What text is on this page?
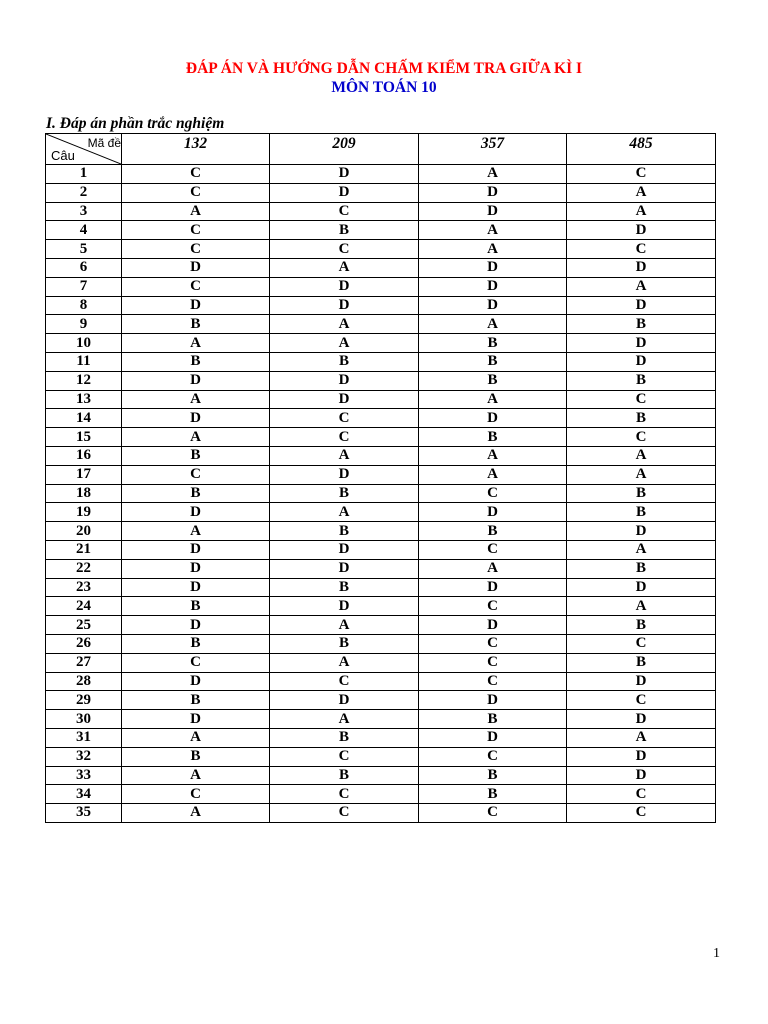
ĐÁP ÁN VÀ HƯỚNG DẪN CHẤM KIỂM TRA GIỮA KÌ I
MÔN TOÁN 10
I. Đáp án phần trắc nghiệm
Mã đề
Câu	132	209	357	485
1	C	D	A	C
2	C	D	D	A
3	A	C	D	A
4	C	B	A	D
5	C	C	A	C
6	D	A	D	D
7	C	D	D	A
8	D	D	D	D
9	B	A	A	B
10	A	A	B	D
11	B	B	B	D
12	D	D	B	B
13	A	D	A	C
14	D	C	D	B
15	A	C	B	C
16	B	A	A	A
17	C	D	A	A
18	B	B	C	B
19	D	A	D	B
20	A	B	B	D
21	D	D	C	A
22	D	D	A	B
23	D	B	D	D
24	B	D	C	A
25	D	A	D	B
26	B	B	C	C
27	C	A	C	B
28	D	C	C	D
29	B	D	D	C
30	D	A	B	D
31	A	B	D	A
32	B	C	C	D
33	A	B	B	D
34	C	C	B	C
35	A	C	C	C
1
